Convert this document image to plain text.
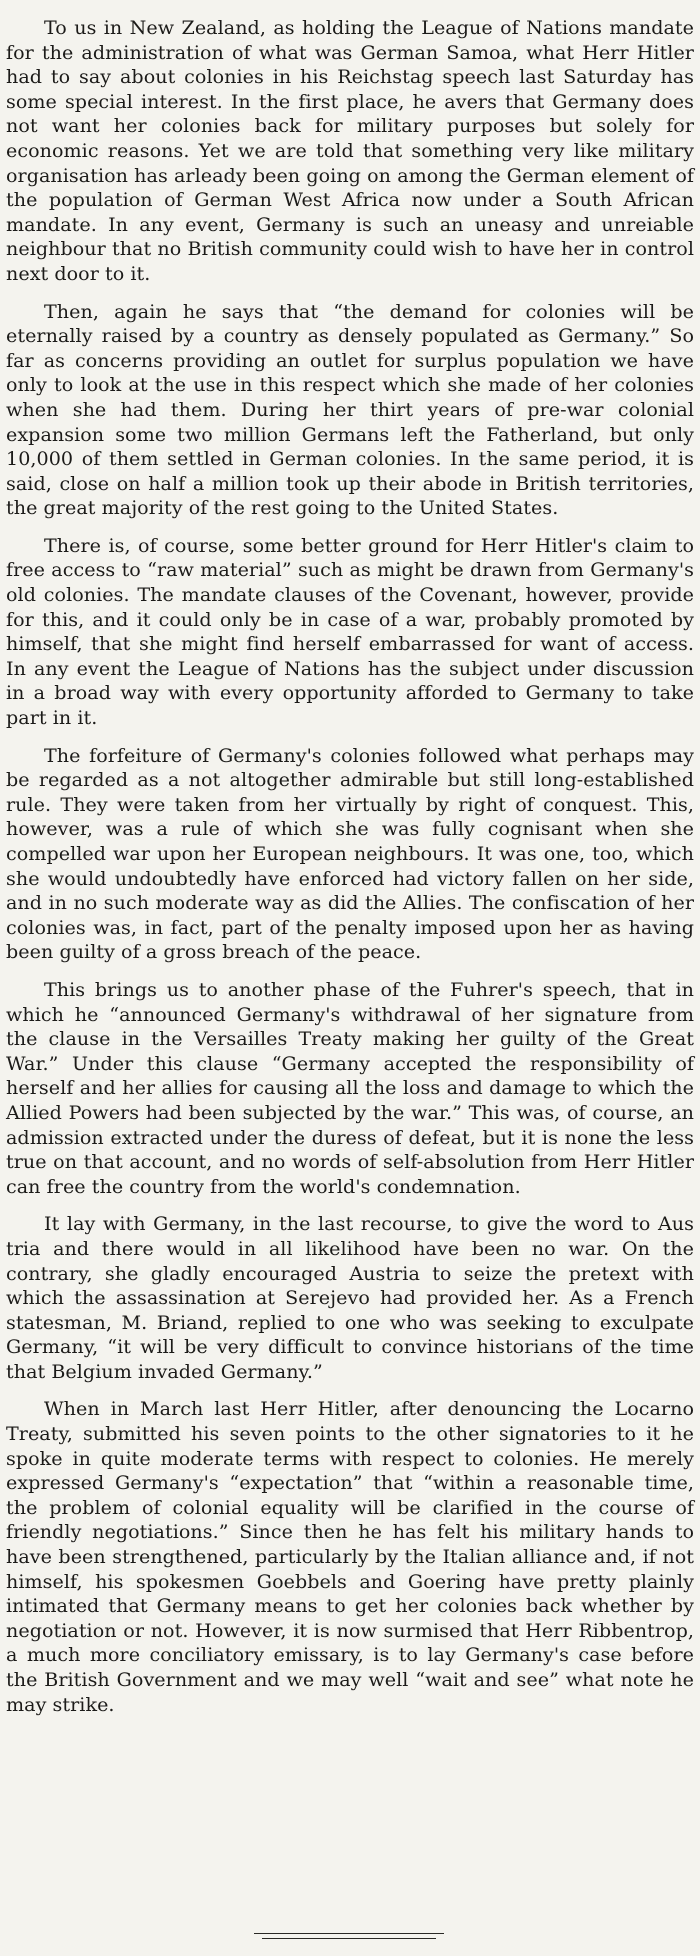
To us in New Zealand, as holding the League of Nations mandate for the administration of what was German Samoa, what Herr Hitler had to say about colonies in his Reichstag speech last Saturday has some special interest. In the first place, he avers that Germany does not want her colonies back for military purposes but solely for economic reasons. Yet we are told that something very like military organisation has arleady been going on among the German element of the population of German West Africa now under a South African mandate. In any event, Germany is such an uneasy and unreiable neighbour that no British community could wish to have her in control next door to it.

Then, again he says that “the demand for colonies will be eternally raised by a country as densely populated as Germany.” So far as concerns providing an outlet for surplus population we have only to look at the use in this respect which she made of her colonies when she had them. During her thirt years of pre-war colonial expansion some two million Germans left the Fatherland, but only 10,000 of them settled in German colonies. In the same period, it is said, close on half a million took up their abode in British territories, the great majority of the rest going to the United States.

There is, of course, some better ground for Herr Hitler's claim to free access to “raw material” such as might be drawn from Germany's old colonies. The mandate clauses of the Covenant, however, provide for this, and it could only be in case of a war, probably promoted by himself, that she might find herself embarrassed for want of access. In any event the League of Nations has the subject under discussion in a broad way with every opportunity afforded to Germany to take part in it.

The forfeiture of Germany's colonies followed what perhaps may be regarded as a not altogether admirable but still long-established rule. They were taken from her virtually by right of conquest. This, however, was a rule of which she was fully cognisant when she compelled war upon her European neighbours. It was one, too, which she would undoubtedly have enforced had victory fallen on her side, and in no such moderate way as did the Allies. The confiscation of her colonies was, in fact, part of the penalty imposed upon her as having been guilty of a gross breach of the peace.

This brings us to another phase of the Fuhrer's speech, that in which he “announced Germany's withdrawal of her signature from the clause in the Versailles Treaty making her guilty of the Great War.” Under this clause “Germany accepted the responsibility of herself and her allies for causing all the loss and damage to which the Allied Powers had been subjected by the war.” This was, of course, an admission extracted under the duress of defeat, but it is none the less true on that account, and no words of self-absolution from Herr Hitler can free the country from the world's condemnation.

It lay with Germany, in the last recourse, to give the word to Aus tria and there would in all likelihood have been no war. On the contrary, she gladly encouraged Austria to seize the pretext with which the assassination at Serejevo had provided her. As a French statesman, M. Briand, replied to one who was seeking to exculpate Germany, “it will be very difficult to convince historians of the time that Belgium invaded Germany.”

When in March last Herr Hitler, after denouncing the Locarno Treaty, submitted his seven points to the other signatories to it he spoke in quite moderate terms with respect to colonies. He merely expressed Germany's “expectation” that “within a reasonable time, the problem of colonial equality will be clarified in the course of friendly negotiations.” Since then he has felt his military hands to have been strengthened, particularly by the Italian alliance and, if not himself, his spokesmen Goebbels and Goering have pretty plainly intimated that Germany means to get her colonies back whether by negotiation or not. However, it is now surmised that Herr Ribbentrop, a much more conciliatory emissary, is to lay Germany's case before the British Government and we may well “wait and see” what note he may strike.
